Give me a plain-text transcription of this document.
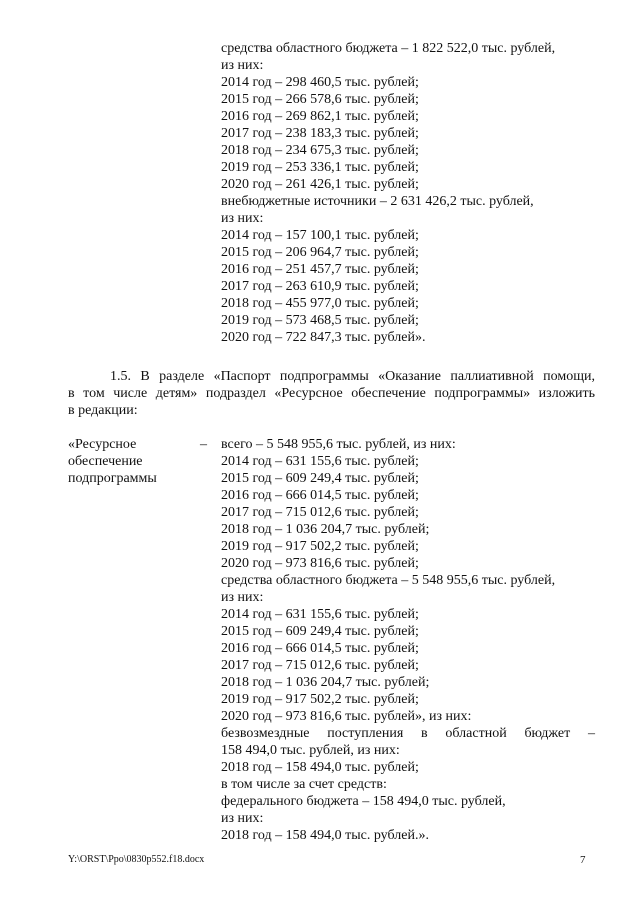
средства областного бюджета – 1 822 522,0 тыс. рублей,
из них:
2014 год – 298 460,5 тыс. рублей;
2015 год – 266 578,6 тыс. рублей;
2016 год – 269 862,1 тыс. рублей;
2017 год – 238 183,3 тыс. рублей;
2018 год – 234 675,3 тыс. рублей;
2019 год – 253 336,1 тыс. рублей;
2020 год – 261 426,1 тыс. рублей;
внебюджетные источники – 2 631 426,2 тыс. рублей,
из них:
2014 год – 157 100,1 тыс. рублей;
2015 год – 206 964,7 тыс. рублей;
2016 год – 251 457,7 тыс. рублей;
2017 год – 263 610,9 тыс. рублей;
2018 год – 455 977,0 тыс. рублей;
2019 год – 573 468,5 тыс. рублей;
2020 год – 722 847,3 тыс. рублей».
1.5. В разделе «Паспорт подпрограммы «Оказание паллиативной помощи,
в том числе детям» подраздел «Ресурсное обеспечение подпрограммы» изложить
в редакции:
«Ресурсное
обеспечение
подпрограммы
– всего – 5 548 955,6 тыс. рублей, из них:
2014 год – 631 155,6 тыс. рублей;
2015 год – 609 249,4 тыс. рублей;
2016 год – 666 014,5 тыс. рублей;
2017 год – 715 012,6 тыс. рублей;
2018 год – 1 036 204,7 тыс. рублей;
2019 год – 917 502,2 тыс. рублей;
2020 год – 973 816,6 тыс. рублей;
средства областного бюджета – 5 548 955,6 тыс. рублей,
из них:
2014 год – 631 155,6 тыс. рублей;
2015 год – 609 249,4 тыс. рублей;
2016 год – 666 014,5 тыс. рублей;
2017 год – 715 012,6 тыс. рублей;
2018 год – 1 036 204,7 тыс. рублей;
2019 год – 917 502,2 тыс. рублей;
2020 год – 973 816,6 тыс. рублей», из них:
безвозмездные поступления в областной бюджет –
158 494,0 тыс. рублей, из них:
2018 год – 158 494,0 тыс. рублей;
в том числе за счет средств:
федерального бюджета – 158 494,0 тыс. рублей,
из них:
2018 год – 158 494,0 тыс. рублей.».
Y:\ORST\Ppo\0830p552.f18.docx	7
